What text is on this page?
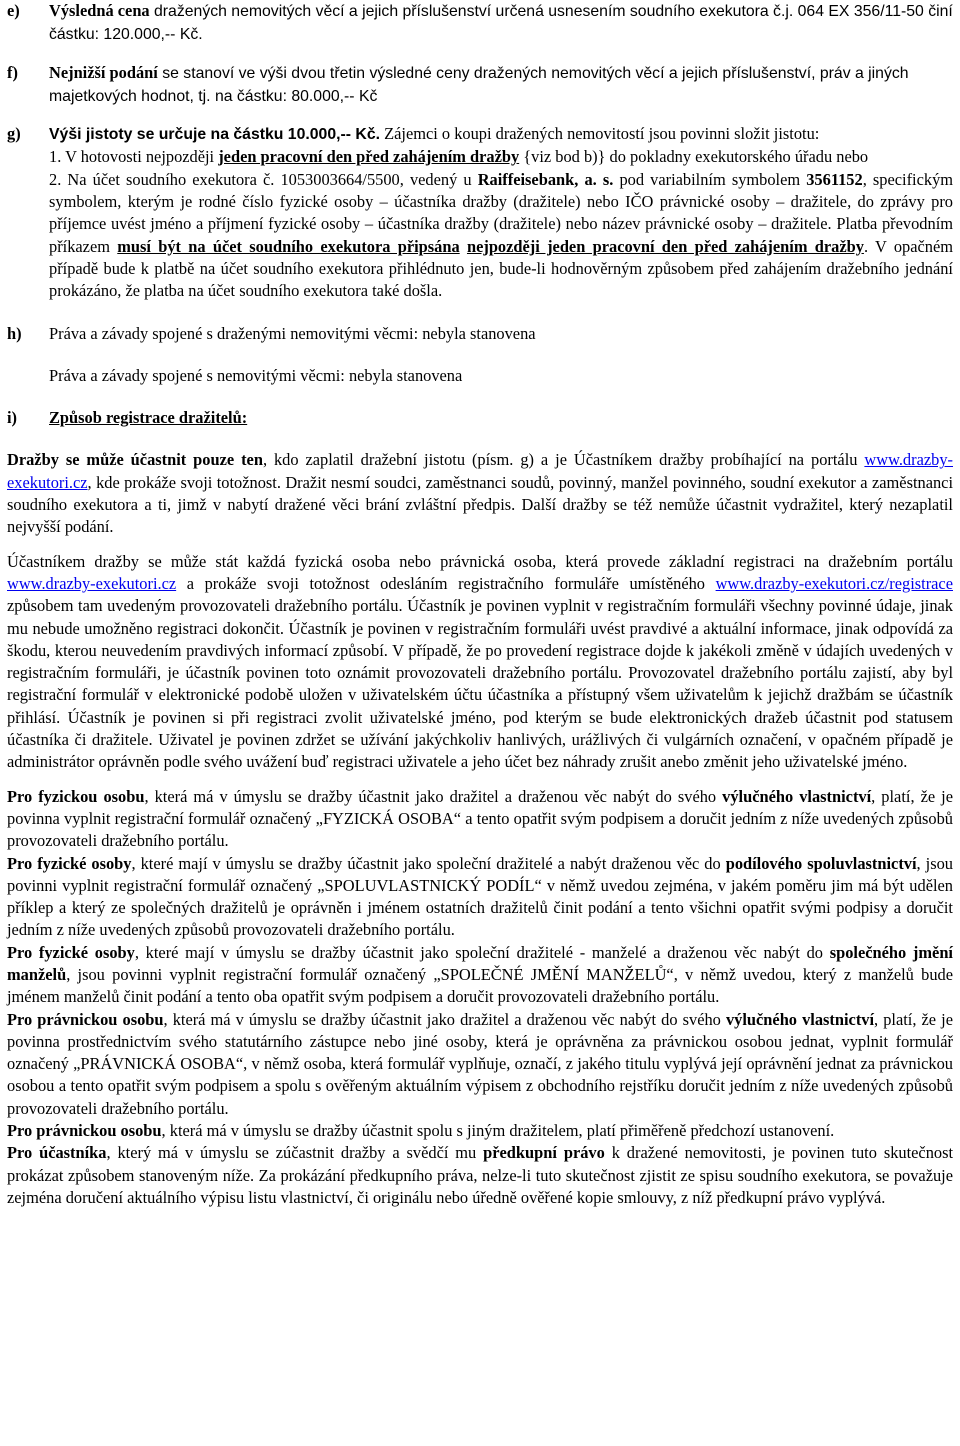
e) Výsledná cena dražených nemovitých věcí a jejich příslušenství určená usnesením soudního exekutora č.j. 064 EX 356/11-50 činí částku: 120.000,-- Kč.

f) Nejnižší podání se stanoví ve výši dvou třetin výsledné ceny dražených nemovitých věcí a jejich příslušenství, práv a jiných majetkových hodnot, tj. na částku: 80.000,-- Kč

g) Výši jistoty se určuje na částku 10.000,-- Kč. Zájemci o koupi dražených nemovitostí jsou povinni složit jistotu:

1. V hotovosti nejpozději jeden pracovní den před zahájením dražby {viz bod b)} do pokladny exekutorského úřadu nebo

2. Na účet soudního exekutora č. 1053003664/5500, vedený u Raiffeisebank, a. s. pod variabilním symbolem 3561152, specifickým symbolem, kterým je rodné číslo fyzické osoby – účastníka dražby (dražitele) nebo IČO právnické osoby – dražitele, do zprávy pro příjemce uvést jméno a příjmení fyzické osoby – účastníka dražby (dražitele) nebo název právnické osoby – dražitele. Platba převodním příkazem musí být na účet soudního exekutora připsána nejpozději jeden pracovní den před zahájením dražby. V opačném případě bude k platbě na účet soudního exekutora přihlédnuto jen, bude-li hodnověrným způsobem před zahájením dražebního jednání prokázáno, že platba na účet soudního exekutora také došla.

h) Práva a závady spojené s draženými nemovitými věcmi: nebyla stanovena

Práva a závady spojené s nemovitými věcmi: nebyla stanovena

i) Způsob registrace dražitelů:

Dražby se může účastnit pouze ten, kdo zaplatil dražební jistotu (písm. g) a je Účastníkem dražby probíhající na portálu www.drazby-exekutori.cz, kde prokáže svoji totožnost. Dražit nesmí soudci, zaměstnanci soudů, povinný, manžel povinného, soudní exekutor a zaměstnanci soudního exekutora a ti, jimž v nabytí dražené věci brání zvláštní předpis. Další dražby se též nemůže účastnit vydražitel, který nezaplatil nejvyšší podání.

Účastníkem dražby se může stát každá fyzická osoba nebo právnická osoba, která provede základní registraci na dražebním portálu www.drazby-exekutori.cz a prokáže svoji totožnost odesláním registračního formuláře umístěného www.drazby-exekutori.cz/registrace způsobem tam uvedeným provozovateli dražebního portálu. Účastník je povinen vyplnit v registračním formuláři všechny povinné údaje, jinak mu nebude umožněno registraci dokončit. Účastník je povinen v registračním formuláři uvést pravdivé a aktuální informace, jinak odpovídá za škodu, kterou neuvedením pravdivých informací způsobí. V případě, že po provedení registrace dojde k jakékoli změně v údajích uvedených v registračním formuláři, je účastník povinen toto oznámit provozovateli dražebního portálu. Provozovatel dražebního portálu zajistí, aby byl registrační formulář v elektronické podobě uložen v uživatelském účtu účastníka a přístupný všem uživatelům k jejichž dražbám se účastník přihlásí. Účastník je povinen si při registraci zvolit uživatelské jméno, pod kterým se bude elektronických dražeb účastnit pod statusem účastníka či dražitele. Uživatel je povinen zdržet se užívání jakýchkoliv hanlivých, urážlivých či vulgárních označení, v opačném případě je administrátor oprávněn podle svého uvážení buď registraci uživatele a jeho účet bez náhrady zrušit anebo změnit jeho uživatelské jméno.

Pro fyzickou osobu, která má v úmyslu se dražby účastnit jako dražitel a draženou věc nabýt do svého výlučného vlastnictví, platí, že je povinna vyplnit registrační formulář označený „FYZICKÁ OSOBA“ a tento opatřit svým podpisem a doručit jedním z níže uvedených způsobů provozovateli dražebního portálu.

Pro fyzické osoby, které mají v úmyslu se dražby účastnit jako společní dražitelé a nabýt draženou věc do podílového spoluvlastnictví, jsou povinni vyplnit registrační formulář označený „SPOLUVLASTNICKÝ PODÍL“ v němž uvedou zejména, v jakém poměru jim má být udělen příklep a který ze společných dražitelů je oprávněn i jménem ostatních dražitelů činit podání a tento všichni opatřit svými podpisy a doručit jedním z níže uvedených způsobů provozovateli dražebního portálu.

Pro fyzické osoby, které mají v úmyslu se dražby účastnit jako společní dražitelé - manželé a draženou věc nabýt do společného jmění manželů, jsou povinni vyplnit registrační formulář označený „SPOLEČNÉ JMĚNÍ MANŽELŮ“, v němž uvedou, který z manželů bude jménem manželů činit podání a tento oba opatřit svým podpisem a doručit provozovateli dražebního portálu.

Pro právnickou osobu, která má v úmyslu se dražby účastnit jako dražitel a draženou věc nabýt do svého výlučného vlastnictví, platí, že je povinna prostřednictvím svého statutárního zástupce nebo jiné osoby, která je oprávněna za právnickou osobou jednat, vyplnit formulář označený „PRÁVNICKÁ OSOBA“, v němž osoba, která formulář vyplňuje, označí, z jakého titulu vyplývá její oprávnění jednat za právnickou osobou a tento opatřit svým podpisem a spolu s ověřeným aktuálním výpisem z obchodního rejstříku doručit jedním z níže uvedených způsobů provozovateli dražebního portálu.

Pro právnickou osobu, která má v úmyslu se dražby účastnit spolu s jiným dražitelem, platí přiměřeně předchozí ustanovení.

Pro účastníka, který má v úmyslu se zúčastnit dražby a svědčí mu předkupní právo k dražené nemovitosti, je povinen tuto skutečnost prokázat způsobem stanoveným níže. Za prokázání předkupního práva, nelze-li tuto skutečnost zjistit ze spisu soudního exekutora, se považuje zejména doručení aktuálního výpisu listu vlastnictví, či originálu nebo úředně ověřené kopie smlouvy, z níž předkupní právo vyplývá.
